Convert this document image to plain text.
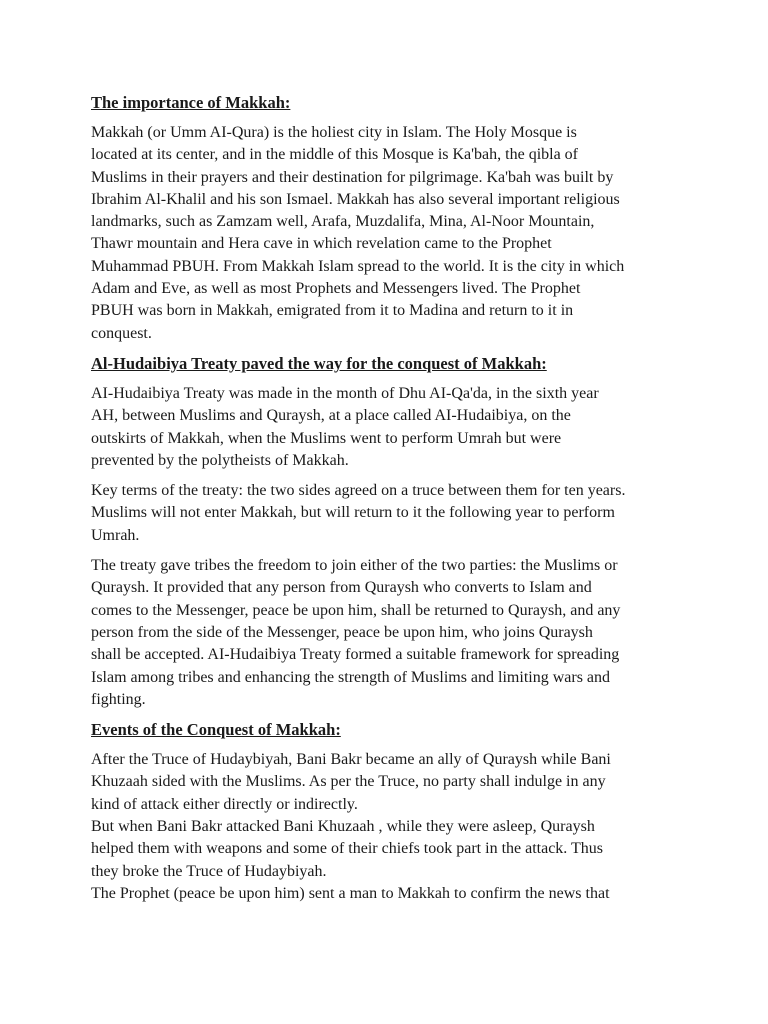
The importance of Makkah:

Makkah (or Umm AI-Qura) is the holiest city in Islam. The Holy Mosque is
located at its center, and in the middle of this Mosque is Ka'bah, the qibla of
Muslims in their prayers and their destination for pilgrimage. Ka'bah was built by
Ibrahim Al-Khalil and his son Ismael. Makkah has also several important religious
landmarks, such as Zamzam well, Arafa, Muzdalifa, Mina, Al-Noor Mountain,
Thawr mountain and Hera cave in which revelation came to the Prophet
Muhammad PBUH. From Makkah Islam spread to the world. It is the city in which
Adam and Eve, as well as most Prophets and Messengers lived. The Prophet
PBUH was born in Makkah, emigrated from it to Madina and return to it in
conquest.

Al-Hudaibiya Treaty paved the way for the conquest of Makkah:

AI-Hudaibiya Treaty was made in the month of Dhu AI-Qa'da, in the sixth year
AH, between Muslims and Quraysh, at a place called AI-Hudaibiya, on the
outskirts of Makkah, when the Muslims went to perform Umrah but were
prevented by the polytheists of Makkah.

Key terms of the treaty: the two sides agreed on a truce between them for ten years.
Muslims will not enter Makkah, but will return to it the following year to perform
Umrah.

The treaty gave tribes the freedom to join either of the two parties: the Muslims or
Quraysh. It provided that any person from Quraysh who converts to Islam and
comes to the Messenger, peace be upon him, shall be returned to Quraysh, and any
person from the side of the Messenger, peace be upon him, who joins Quraysh
shall be accepted. AI-Hudaibiya Treaty formed a suitable framework for spreading
Islam among tribes and enhancing the strength of Muslims and limiting wars and
fighting.

Events of the Conquest of Makkah:

After the Truce of Hudaybiyah, Bani Bakr became an ally of Quraysh while Bani
Khuzaah sided with the Muslims. As per the Truce, no party shall indulge in any
kind of attack either directly or indirectly.
But when Bani Bakr attacked Bani Khuzaah , while they were asleep, Quraysh
helped them with weapons and some of their chiefs took part in the attack. Thus
they broke the Truce of Hudaybiyah.
The Prophet (peace be upon him) sent a man to Makkah to confirm the news that
